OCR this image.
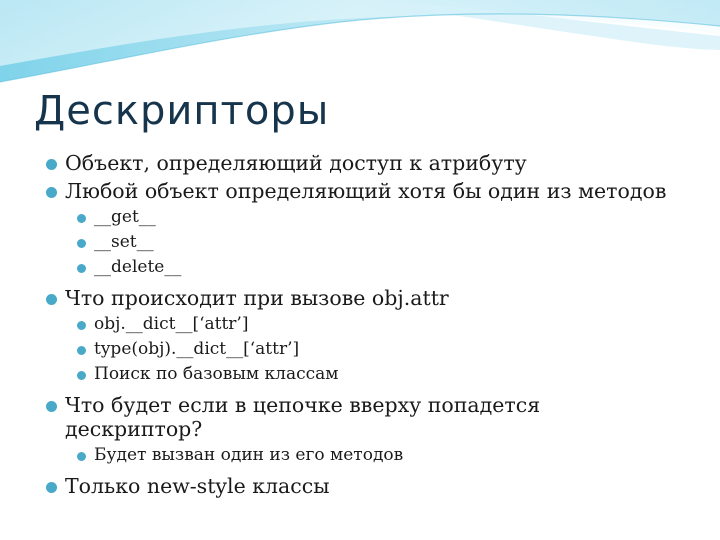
Дескрипторы
Объект, определяющий доступ к атрибуту
Любой объект определяющий хотя бы один из методов
__get__
__set__
__delete__
Что происходит при вызове obj.attr
obj.__dict__[‘attr’]
type(obj).__dict__[‘attr’]
Поиск по базовым классам
Что будет если в цепочке вверху попадется дескриптор?
Будет вызван один из его методов
Только new-style классы
